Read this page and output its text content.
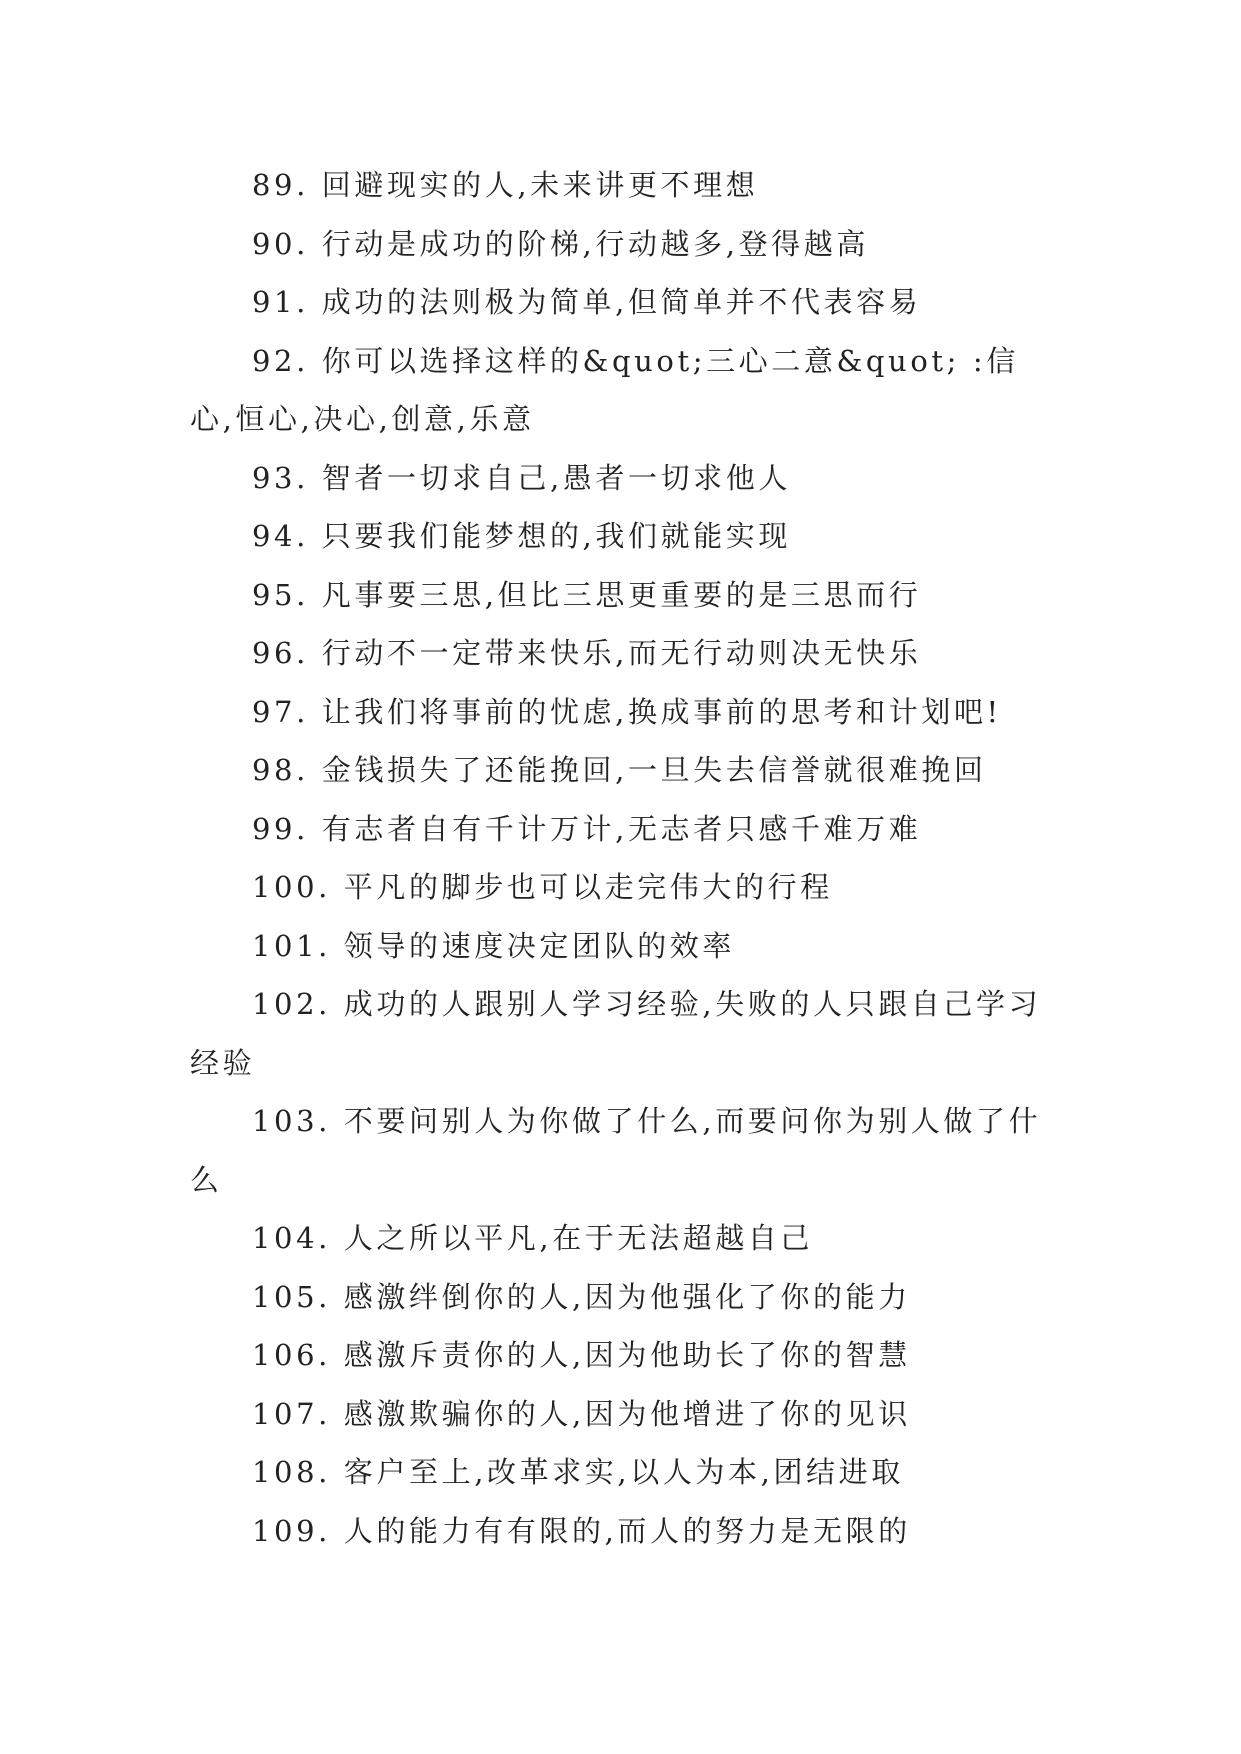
89. 回避现实的人,未来讲更不理想

90. 行动是成功的阶梯,行动越多,登得越高

91. 成功的法则极为简单,但简单并不代表容易

92. 你可以选择这样的&quot;三心二意&quot; :信心,恒心,决心,创意,乐意

93. 智者一切求自己,愚者一切求他人

94. 只要我们能梦想的,我们就能实现

95. 凡事要三思,但比三思更重要的是三思而行

96. 行动不一定带来快乐,而无行动则决无快乐

97. 让我们将事前的忧虑,换成事前的思考和计划吧!

98. 金钱损失了还能挽回,一旦失去信誉就很难挽回

99. 有志者自有千计万计,无志者只感千难万难

100. 平凡的脚步也可以走完伟大的行程

101. 领导的速度决定团队的效率

102. 成功的人跟别人学习经验,失败的人只跟自己学习经验

103. 不要问别人为你做了什么,而要问你为别人做了什么

104. 人之所以平凡,在于无法超越自己

105. 感激绊倒你的人,因为他强化了你的能力

106. 感激斥责你的人,因为他助长了你的智慧

107. 感激欺骗你的人,因为他增进了你的见识

108. 客户至上,改革求实,以人为本,团结进取

109. 人的能力有有限的,而人的努力是无限的
